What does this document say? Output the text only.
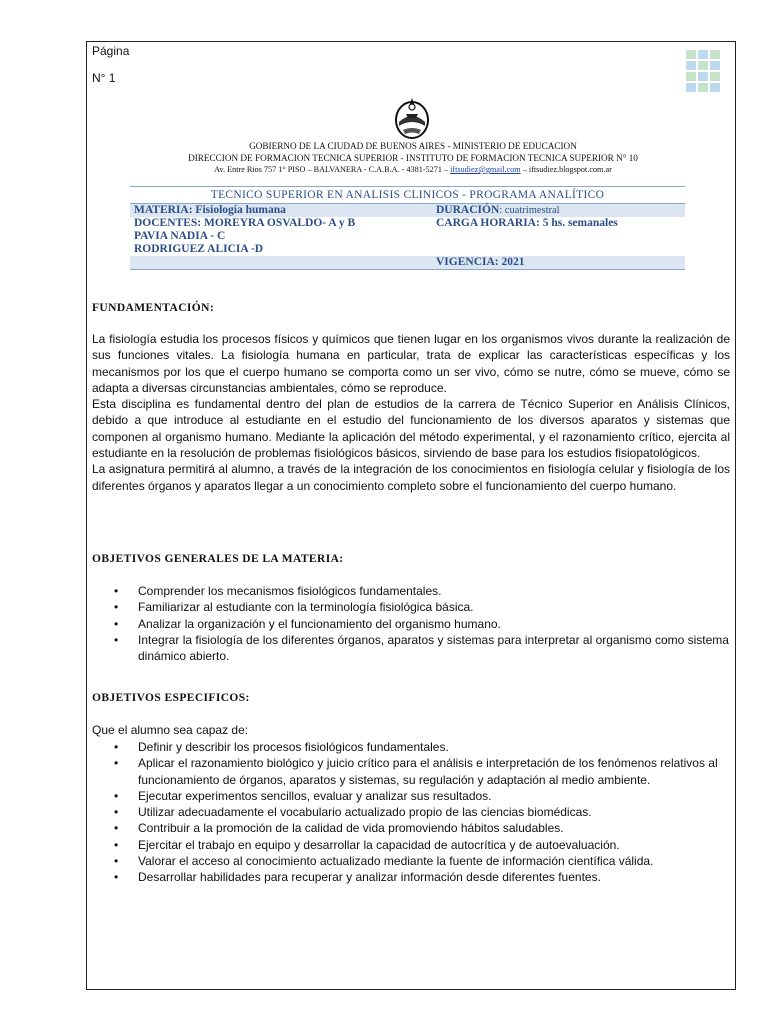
Página
N° 1
GOBIERNO DE LA CIUDAD DE BUENOS AIRES - MINISTERIO DE EDUCACION
DIRECCION DE FORMACION TECNICA SUPERIOR - INSTITUTO DE FORMACION TECNICA SUPERIOR N° 10
Av. Entre Rios 757 1° PISO – BALVANERA - C.A.B.A. - 4381-5271 – iftsudiez@gmail.com – iftsudiez.blogspot.com.ar
TECNICO SUPERIOR EN ANALISIS CLINICOS - PROGRAMA ANALÍTICO
MATERIA: Fisiología humana	DURACIÓN: cuatrimestral
DOCENTES: MOREYRA OSVALDO- A y B	CARGA HORARIA: 5 hs. semanales
PAVIA NADIA - C
RODRIGUEZ ALICIA -D
VIGENCIA: 2021
FUNDAMENTACIÓN:

La fisiología estudia los procesos físicos y químicos que tienen lugar en los organismos vivos durante la realización de sus funciones vitales. La fisiología humana en particular, trata de explicar las características específicas y los mecanismos por los que el cuerpo humano se comporta como un ser vivo, cómo se nutre, cómo se mueve, cómo se adapta a diversas circunstancias ambientales, cómo se reproduce.

Esta disciplina es fundamental dentro del plan de estudios de la carrera de Técnico Superior en Análisis Clínicos, debido a que introduce al estudiante en el estudio del funcionamiento de los diversos aparatos y sistemas que componen al organismo humano. Mediante la aplicación del método experimental, y el razonamiento crítico, ejercita al estudiante en la resolución de problemas fisiológicos básicos, sirviendo de base para los estudios fisiopatológicos.

La asignatura permitirá al alumno, a través de la integración de los conocimientos en fisiología celular y fisiología de los diferentes órganos y aparatos llegar a un conocimiento completo sobre el funcionamiento del cuerpo humano.

OBJETIVOS GENERALES DE LA MATERIA:
• Comprender los mecanismos fisiológicos fundamentales.
• Familiarizar al estudiante con la terminología fisiológica básica.
• Analizar la organización y el funcionamiento del organismo humano.
• Integrar la fisiología de los diferentes órganos, aparatos y sistemas para interpretar al organismo como sistema dinámico abierto.
OBJETIVOS ESPECIFICOS:
Que el alumno sea capaz de:
• Definir y describir los procesos fisiológicos fundamentales.
• Aplicar el razonamiento biológico y juicio crítico para el análisis e interpretación de los fenómenos relativos al funcionamiento de órganos, aparatos y sistemas, su regulación y adaptación al medio ambiente.
• Ejecutar experimentos sencillos, evaluar y analizar sus resultados.
• Utilizar adecuadamente el vocabulario actualizado propio de las ciencias biomédicas.
• Contribuir a la promoción de la calidad de vida promoviendo hábitos saludables.
• Ejercitar el trabajo en equipo y desarrollar la capacidad de autocrítica y de autoevaluación.
• Valorar el acceso al conocimiento actualizado mediante la fuente de información científica válida.
• Desarrollar habilidades para recuperar y analizar información desde diferentes fuentes.
